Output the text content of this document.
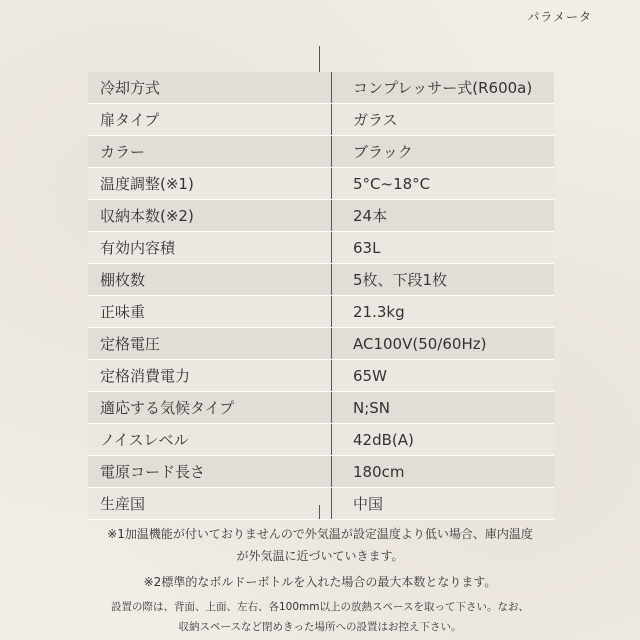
パラメータ
冷却方式	コンプレッサー式(R600a)
扉タイプ	ガラス
カラー	ブラック
温度調整(※1)	5°C~18°C
収納本数(※2)	24本
有効内容積	63L
棚枚数	5枚、下段1枚
正味重	21.3kg
定格電圧	AC100V(50/60Hz)
定格消費電力	65W
適応する気候タイプ	N;SN
ノイスレベル	42dB(A)
電原コード長さ	180cm
生産国	中国
※1加温機能が付いておりませんので外気温が設定温度より低い場合、庫内温度
が外気温に近づいていきます。
※2標準的なボルドーボトルを入れた場合の最大本数となります。
設置の際は、背面、上面、左右、各100mm以上の放熱スペースを取って下さい。なお、
収納スペースなど閉めきった場所への設置はお控え下さい。
